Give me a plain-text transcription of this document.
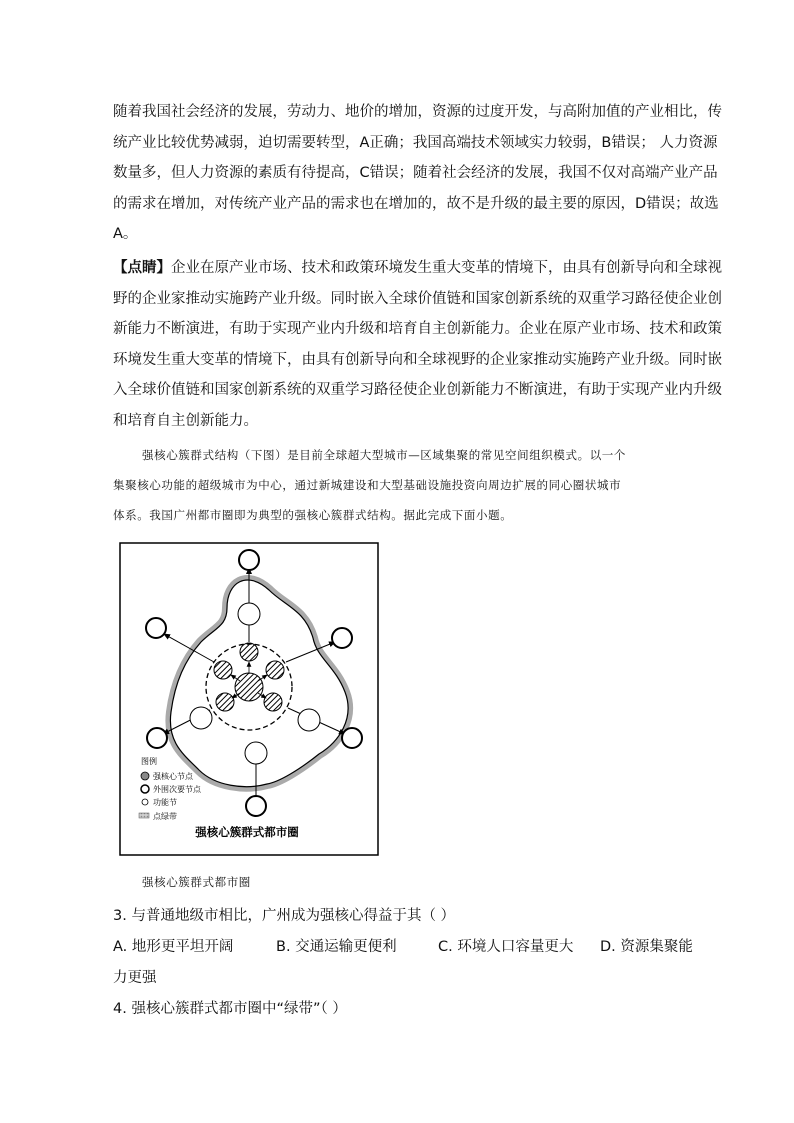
随着我国社会经济的发展，劳动力、地价的增加，资源的过度开发，与高附加值的产业相比，传
统产业比较优势减弱，迫切需要转型，A正确；我国高端技术领域实力较弱，B错误； 人力资源
数量多，但人力资源的素质有待提高，C错误；随着社会经济的发展，我国不仅对高端产业产品
的需求在增加，对传统产业产品的需求也在增加的，故不是升级的最主要的原因，D错误；故选
A。
【点睛】企业在原产业市场、技术和政策环境发生重大变革的情境下，由具有创新导向和全球视
野的企业家推动实施跨产业升级。同时嵌入全球价值链和国家创新系统的双重学习路径使企业创
新能力不断演进，有助于实现产业内升级和培育自主创新能力。企业在原产业市场、技术和政策
环境发生重大变革的情境下，由具有创新导向和全球视野的企业家推动实施跨产业升级。同时嵌
入全球价值链和国家创新系统的双重学习路径使企业创新能力不断演进，有助于实现产业内升级
和培育自主创新能力。
强核心簇群式结构（下图）是目前全球超大型城市—区域集聚的常见空间组织模式。以一个
集聚核心功能的超级城市为中心，通过新城建设和大型基础设施投资向周边扩展的同心圈状城市
体系。我国广州都市圈即为典型的强核心簇群式结构。据此完成下面小题。
图例
强核心节点
外围次要节点
功能节
点绿带
强核心簇群式都市圈
强核心簇群式都市圈
3. 与普通地级市相比，广州成为强核心得益于其（ ）
A. 地形更平坦开阔	B. 交通运输更便利	C. 环境人口容量更大 D. 资源集聚能
力更强
4. 强核心簇群式都市圈中“绿带”（ ）
